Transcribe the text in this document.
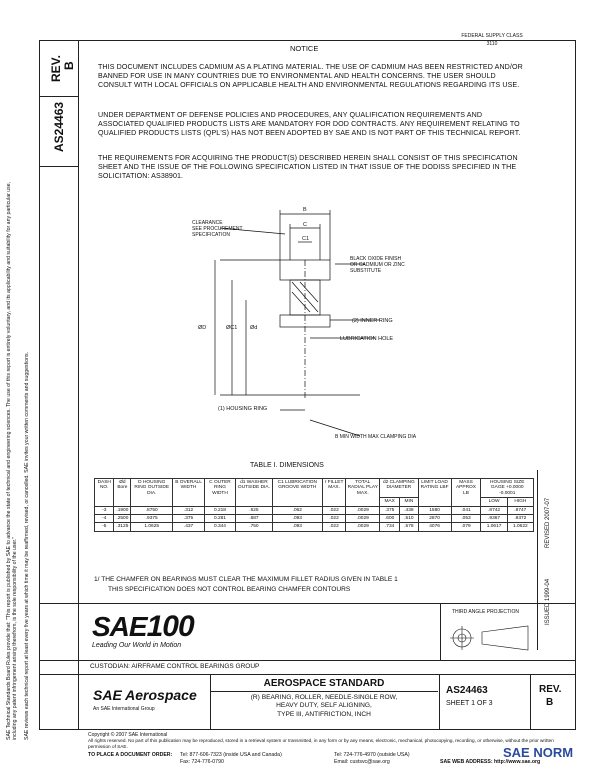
REV. B
AS24463
SAE Technical Standards Board Rules provide that: "This report is published by SAE to advance the state of technical and engineering sciences. The use of this report is entirely voluntary, and its applicability and suitability for any particular use, including any patent infringement arising therefrom, is the sole responsibility of the user." SAE reviews each technical report at least every five years at which time it may be reaffirmed, revised, or cancelled. SAE invites your written comments and suggestions.
FEDERAL SUPPLY CLASS
3110
NOTICE
THIS DOCUMENT INCLUDES CADMIUM AS A PLATING MATERIAL. THE USE OF CADMIUM HAS BEEN RESTRICTED AND/OR BANNED FOR USE IN MANY COUNTRIES DUE TO ENVIRONMENTAL AND HEALTH CONCERNS. THE USER SHOULD CONSULT WITH LOCAL OFFICIALS ON APPLICABLE HEALTH AND ENVIRONMENTAL REGULATIONS REGARDING ITS USE.
UNDER DEPARTMENT OF DEFENSE POLICIES AND PROCEDURES, ANY QUALIFICATION REQUIREMENTS AND ASSOCIATED QUALIFIED PRODUCTS LISTS ARE MANDATORY FOR DOD CONTRACTS. ANY REQUIREMENT RELATING TO QUALIFIED PRODUCTS LISTS (QPL'S) HAS NOT BEEN ADOPTED BY SAE AND IS NOT PART OF THIS TECHNICAL REPORT.
THE REQUIREMENTS FOR ACQUIRING THE PRODUCT(S) DESCRIBED HEREIN SHALL CONSIST OF THIS SPECIFICATION SHEET AND THE ISSUE OF THE FOLLOWING SPECIFICATION LISTED IN THAT ISSUE OF THE DODISS SPECIFIED IN THE SOLICITATION: AS38901.
B
C
C1
CLEARANCE
SEE PROCUREMENT
SPECIFICATION
BLACK OXIDE FINISH
OR CADMIUM OR ZINC
SUBSTITUTE
ØD	ØC1 Ød
(2) INNER RING
LUBRICATION HOLE
(1) HOUSING RING
B MIN WIDTH MAX CLAMPING DIA
TABLE I. DIMENSIONS
DASH NO.	Ød Bore	D HOUSING RING OUTSIDE DIA.	B OVERALL WIDTH	C OUTER RING WIDTH	d1 WASHER OUTSIDE DIA.	C1 LUBRICATION GROOVE WIDTH	r FILLET MAX.	TOTAL RADIAL PLAY MAX.	d2 CLAMPING DIAMETER		LIMIT LOAD RATING LBF	MASS APPROX LB	HOUSING SIZE GAGE +0.0000 -0.0001	
									MAX	MIN			LOW	HIGH
-3	.1900	.8750	.312	0.218	.625	.062	.022	.0029	.375	.438	1580	.041	.8742	.8747
-4	.2500	.9375	.375	0.281	.687	.093	.022	.0029	.600	.510	2870	.053	.9367	.9372
-5	.3125	1.0625	.437	0.344	.750	.093	.022	.0029	.734	.578	4076	.079	1.0617	1.0622
1/ THE CHAMFER ON BEARINGS MUST CLEAR THE MAXIMUM FILLET RADIUS GIVEN IN TABLE 1
THIS SPECIFICATION DOES NOT CONTROL BEARING CHAMFER CONTOURS
REVISED 2007-07
ISSUED 1999-04
SAE100
Leading Our World in Motion
THIRD ANGLE PROJECTION
CUSTODIAN: AIRFRAME CONTROL BEARINGS GROUP
SAE Aerospace
An SAE International Group
AEROSPACE STANDARD
(R) BEARING, ROLLER, NEEDLE-SINGLE ROW,
HEAVY DUTY, SELF ALIGNING,
TYPE III, ANTIFRICTION, INCH
AS24463
SHEET 1 OF 3
REV.
B
Copyright © 2007 SAE International
All rights reserved. No part of this publication may be reproduced, stored in a retrieval system or transmitted, in any form or by any means, electronic, mechanical, photocopying, recording, or otherwise, without the prior written permission of SAE.
TO PLACE A DOCUMENT ORDER: Tel: 877-606-7323 (inside USA and Canada)	Tel: 724-776-4970 (outside USA)
Fax: 724-776-0790	Email: custsvc@sae.org	SAE WEB ADDRESS: http://www.sae.org
SAE NORM
